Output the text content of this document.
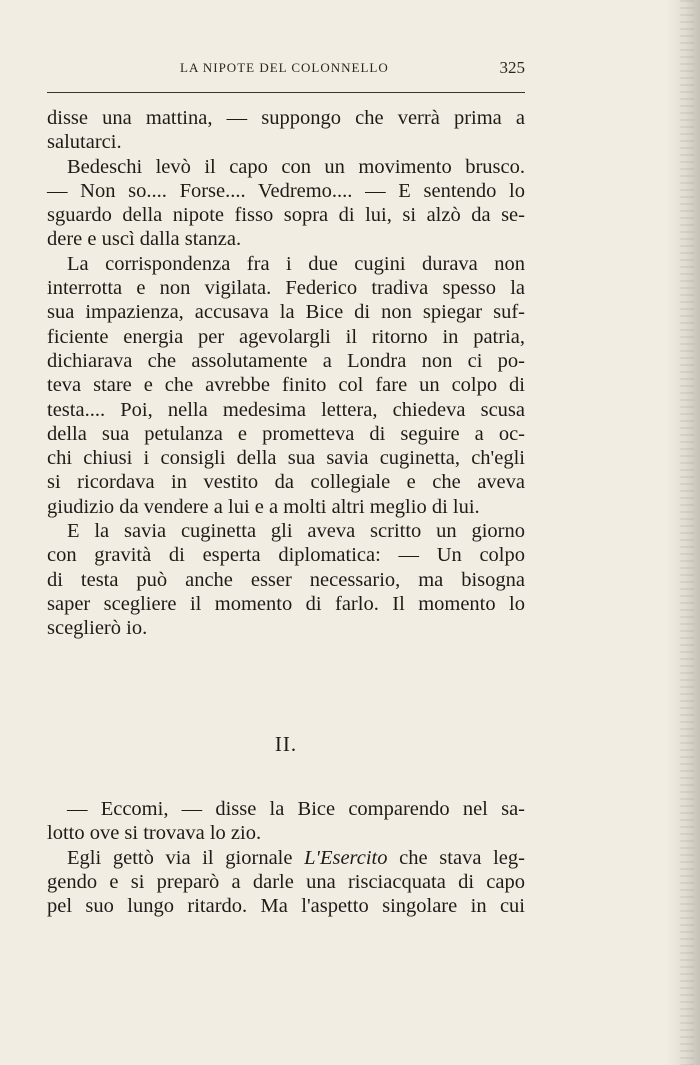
LA NIPOTE DEL COLONNELLO	325
disse una mattina, — suppongo che verrà prima a
salutarci.
Bedeschi levò il capo con un movimento brusco.
— Non so.... Forse.... Vedremo.... — E sentendo lo
sguardo della nipote fisso sopra di lui, si alzò da se-
dere e uscì dalla stanza.
La corrispondenza fra i due cugini durava non
interrotta e non vigilata. Federico tradiva spesso la
sua impazienza, accusava la Bice di non spiegar suf-
ficiente energia per agevolargli il ritorno in patria,
dichiarava che assolutamente a Londra non ci po-
teva stare e che avrebbe finito col fare un colpo di
testa.... Poi, nella medesima lettera, chiedeva scusa
della sua petulanza e prometteva di seguire a oc-
chi chiusi i consigli della sua savia cuginetta, ch'egli
si ricordava in vestito da collegiale e che aveva
giudizio da vendere a lui e a molti altri meglio di lui.
E la savia cuginetta gli aveva scritto un giorno
con gravità di esperta diplomatica: — Un colpo
di testa può anche esser necessario, ma bisogna
saper scegliere il momento di farlo. Il momento lo
sceglierò io.
II.
— Eccomi, — disse la Bice comparendo nel sa-
lotto ove si trovava lo zio.
Egli gettò via il giornale L'Esercito che stava leg-
gendo e si preparò a darle una risciacquata di capo
pel suo lungo ritardo. Ma l'aspetto singolare in cui
